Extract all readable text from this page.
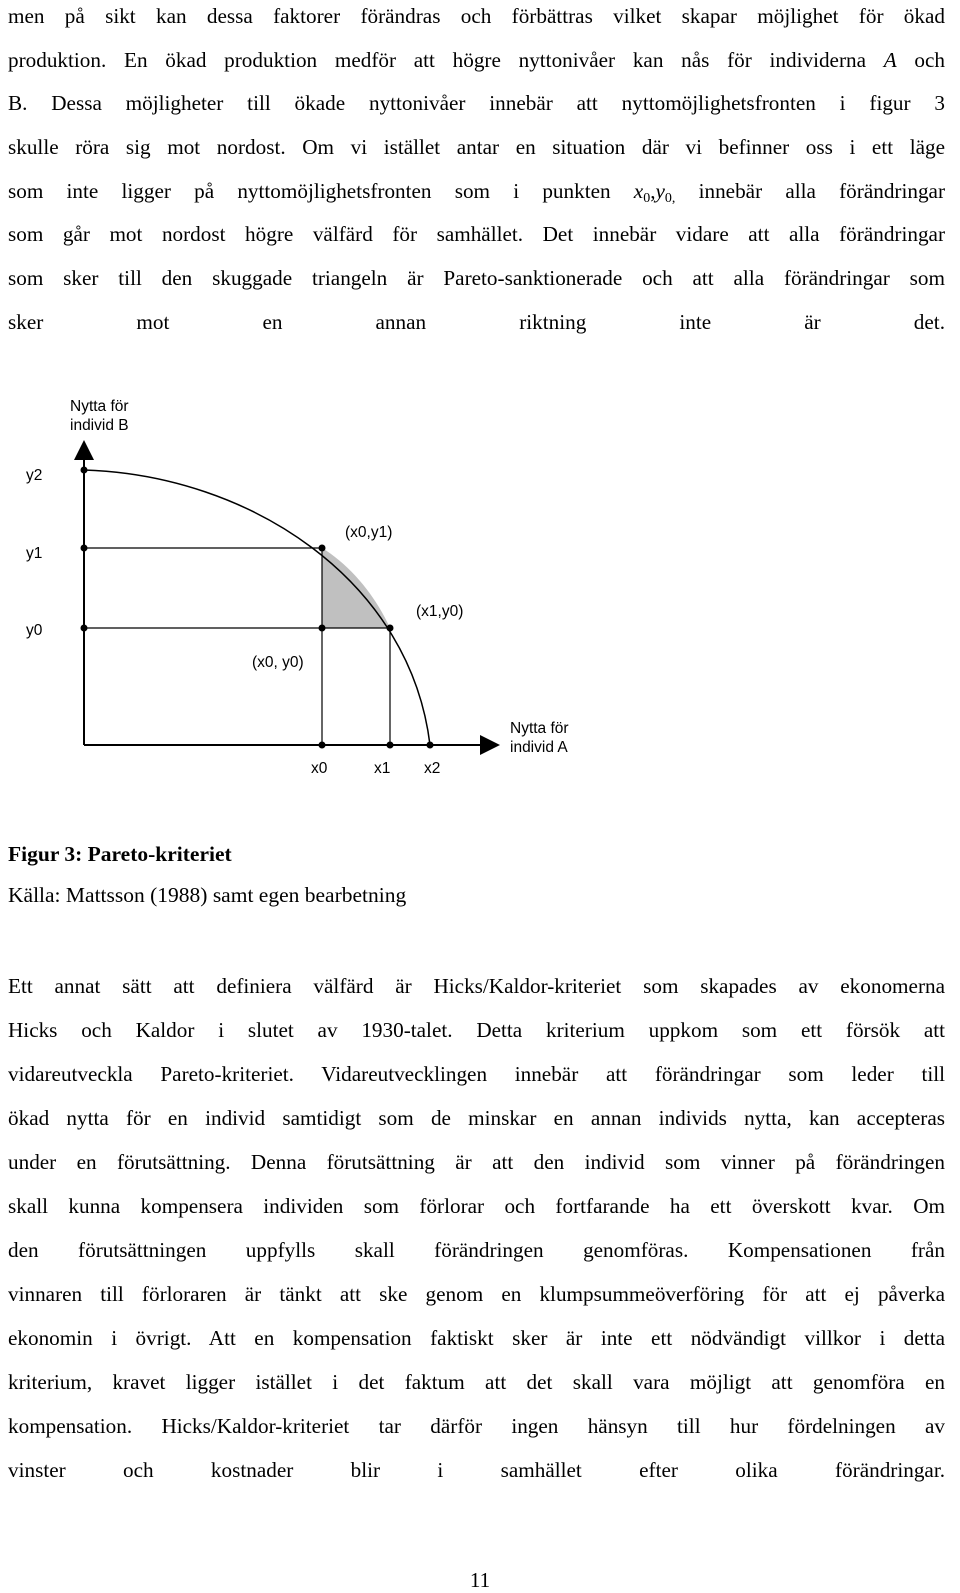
men på sikt kan dessa faktorer förändras och förbättras vilket skapar möjlighet för ökad
produktion. En ökad produktion medför att högre nyttonivåer kan nås för individerna A och
B. Dessa möjligheter till ökade nyttonivåer innebär att nyttomöjlighetsfronten i figur 3
skulle röra sig mot nordost. Om vi istället antar en situation där vi befinner oss i ett läge
som inte ligger på nyttomöjlighetsfronten som i punkten $x_0,y_{0,}$ innebär alla förändringar
som går mot nordost högre välfärd för samhället. Det innebär vidare att alla förändringar
som sker till den skuggade triangeln är Pareto-sanktionerade och att alla förändringar som
sker mot en annan riktning inte är det.
Nytta för
individ B
Nytta för
individ A
y2
y1
y0
x0	x1 x2
(x0,y1)
(x1,y0)
(x0, y0)
Figur 3: Pareto-kriteriet
Källa: Mattsson (1988) samt egen bearbetning
Ett annat sätt att definiera välfärd är Hicks/Kaldor-kriteriet som skapades av ekonomerna
Hicks och Kaldor i slutet av 1930-talet. Detta kriterium uppkom som ett försök att
vidareutveckla Pareto-kriteriet. Vidareutvecklingen innebär att förändringar som leder till
ökad nytta för en individ samtidigt som de minskar en annan individs nytta, kan accepteras
under en förutsättning. Denna förutsättning är att den individ som vinner på förändringen
skall kunna kompensera individen som förlorar och fortfarande ha ett överskott kvar. Om
den förutsättningen uppfylls skall förändringen genomföras. Kompensationen från
vinnaren till förloraren är tänkt att ske genom en klumpsummeöverföring för att ej påverka
ekonomin i övrigt. Att en kompensation faktiskt sker är inte ett nödvändigt villkor i detta
kriterium, kravet ligger istället i det faktum att det skall vara möjligt att genomföra en
kompensation. Hicks/Kaldor-kriteriet tar därför ingen hänsyn till hur fördelningen av
vinster och kostnader blir i samhället efter olika förändringar.
11
